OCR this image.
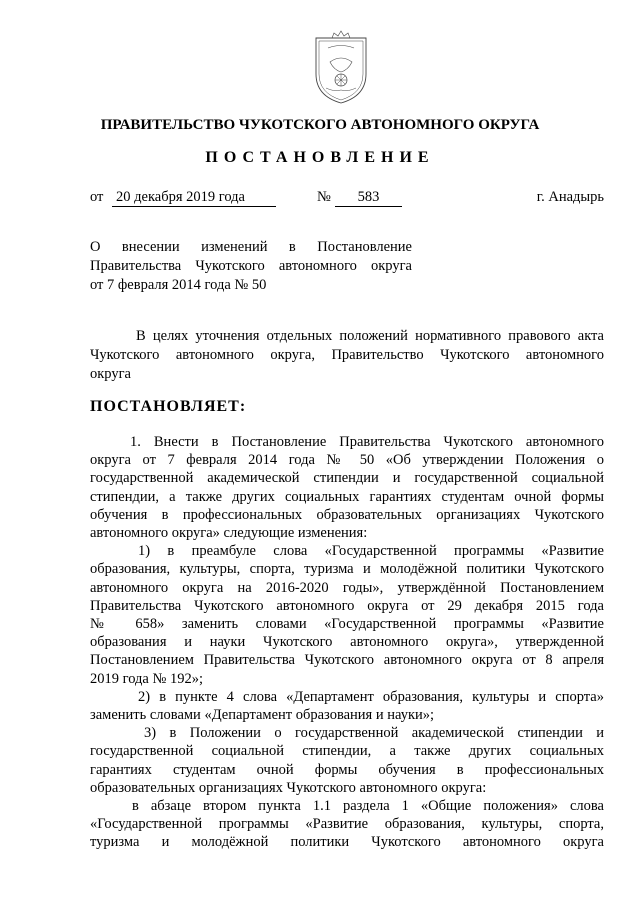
ПРАВИТЕЛЬСТВО ЧУКОТСКОГО АВТОНОМНОГО ОКРУГА
ПОСТАНОВЛЕНИЕ
от 20 декабря 2019 года	№	583	г. Анадырь
О внесении изменений в Постановление
Правительства Чукотского автономного округа
от 7 февраля 2014 года № 50
В целях уточнения отдельных положений нормативного правового акта
Чукотского автономного округа, Правительство Чукотского автономного
округа
ПОСТАНОВЛЯЕТ:
1. Внести в Постановление Правительства Чукотского автономного
округа от 7 февраля 2014 года № 50 «Об утверждении Положения о
государственной академической стипендии и государственной социальной
стипендии, а также других социальных гарантиях студентам очной формы
обучения в профессиональных образовательных организациях Чукотского
автономного округа» следующие изменения:
1) в преамбуле слова «Государственной программы «Развитие
образования, культуры, спорта, туризма и молодёжной политики Чукотского
автономного округа на 2016-2020 годы», утверждённой Постановлением
Правительства Чукотского автономного округа от 29 декабря 2015 года
№ 658» заменить словами «Государственной программы «Развитие
образования и науки Чукотского автономного округа», утвержденной
Постановлением Правительства Чукотского автономного округа от 8 апреля
2019 года № 192»;
2) в пункте 4 слова «Департамент образования, культуры и спорта»
заменить словами «Департамент образования и науки»;
3) в Положении о государственной академической стипендии и
государственной социальной стипендии, а также других социальных
гарантиях студентам очной формы обучения в профессиональных
образовательных организациях Чукотского автономного округа:
в абзаце втором пункта 1.1 раздела 1 «Общие положения» слова
«Государственной программы «Развитие образования, культуры, спорта,
туризма и молодёжной политики Чукотского автономного округа
